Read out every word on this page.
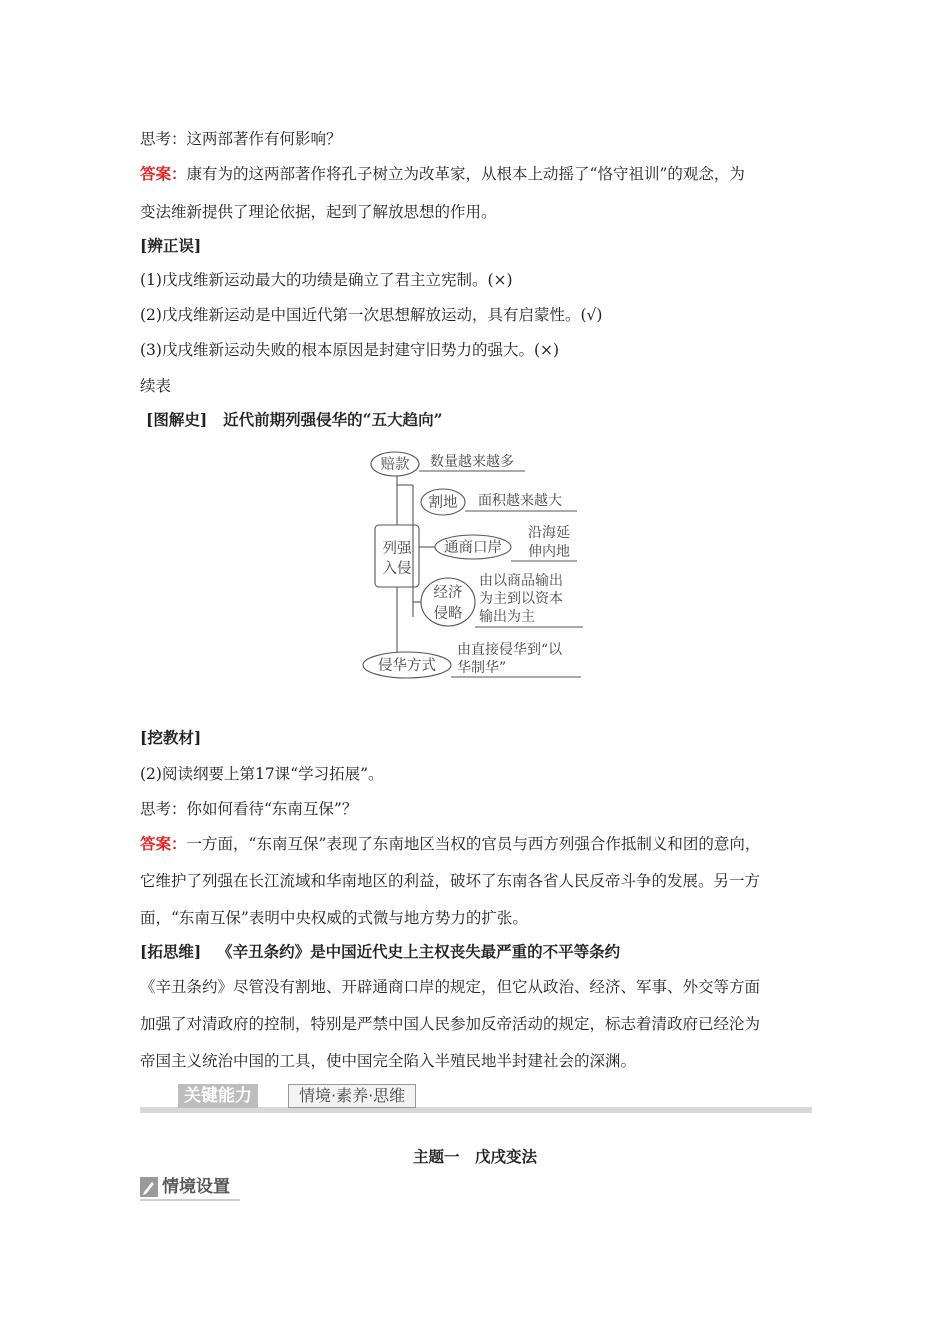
思考：这两部著作有何影响？
答案：康有为的这两部著作将孔子树立为改革家，从根本上动摇了“恪守祖训”的观念，为
变法维新提供了理论依据，起到了解放思想的作用。
[辨正误]
(1)戊戌维新运动最大的功绩是确立了君主立宪制。(×)
(2)戊戌维新运动是中国近代第一次思想解放运动，具有启蒙性。(√)
(3)戊戌维新运动失败的根本原因是封建守旧势力的强大。(×)
续表
[图解史] 近代前期列强侵华的“五大趋向”
列强
入侵
赔款
割地
通商口岸
经济
侵略
侵华方式
数量越来越多
面积越来越大
沿海延
伸内地
由以商品输出
为主到以资本
输出为主
由直接侵华到“以
华制华”
[挖教材]
(2)阅读纲要上第17课“学习拓展”。
思考：你如何看待“东南互保”？
答案：一方面，“东南互保”表现了东南地区当权的官员与西方列强合作抵制义和团的意向，
它维护了列强在长江流域和华南地区的利益，破坏了东南各省人民反帝斗争的发展。另一方
面，“东南互保”表明中央权威的式微与地方势力的扩张。
[拓思维] 《辛丑条约》是中国近代史上主权丧失最严重的不平等条约
《辛丑条约》尽管没有割地、开辟通商口岸的规定，但它从政治、经济、军事、外交等方面
加强了对清政府的控制，特别是严禁中国人民参加反帝活动的规定，标志着清政府已经沦为
帝国主义统治中国的工具，使中国完全陷入半殖民地半封建社会的深渊。
关键能力	情境·素养·思维
主题一　戊戌变法
情境设置
